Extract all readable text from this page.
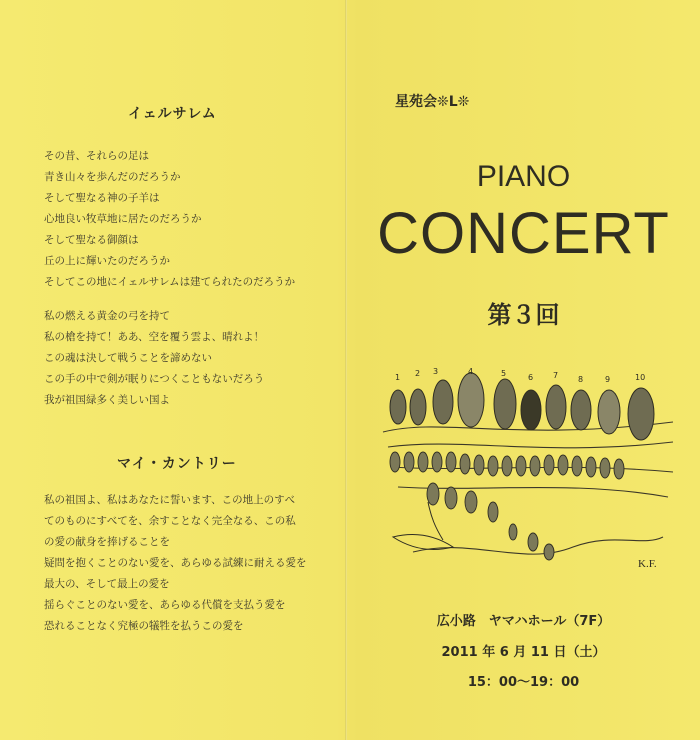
イェルサレム
その昔、それらの足は
青き山々を歩んだのだろうか
そして聖なる神の子羊は
心地良い牧草地に居たのだろうか
そして聖なる御顔は
丘の上に輝いたのだろうか
そしてこの地にイェルサレムは建てられたのだろうか
私の燃える黄金の弓を持て
私の槍を持て！ああ、空を覆う雲よ、晴れよ！
この魂は決して戦うことを諦めない
この手の中で剣が眠りにつくこともないだろう
我が祖国緑多く美しい国よ
マイ・カントリー
私の祖国よ、私はあなたに誓います、この地上のすべ
てのものにすべてを、余すことなく完全なる、この私
の愛の献身を捧げることを
疑問を抱くことのない愛を、あらゆる試練に耐える愛を
最大の、そして最上の愛を
揺らぐことのない愛を、あらゆる代償を支払う愛を
恐れることなく究極の犠牲を払うこの愛を
星苑会❊L❊
PIANO
CONCERT
第３回
K.F.
1 2 3	4	5	6 7 8	9	10
広小路　ヤマハホール（7F）
2011 年 6 月 11 日（土）
15：00～19：00
